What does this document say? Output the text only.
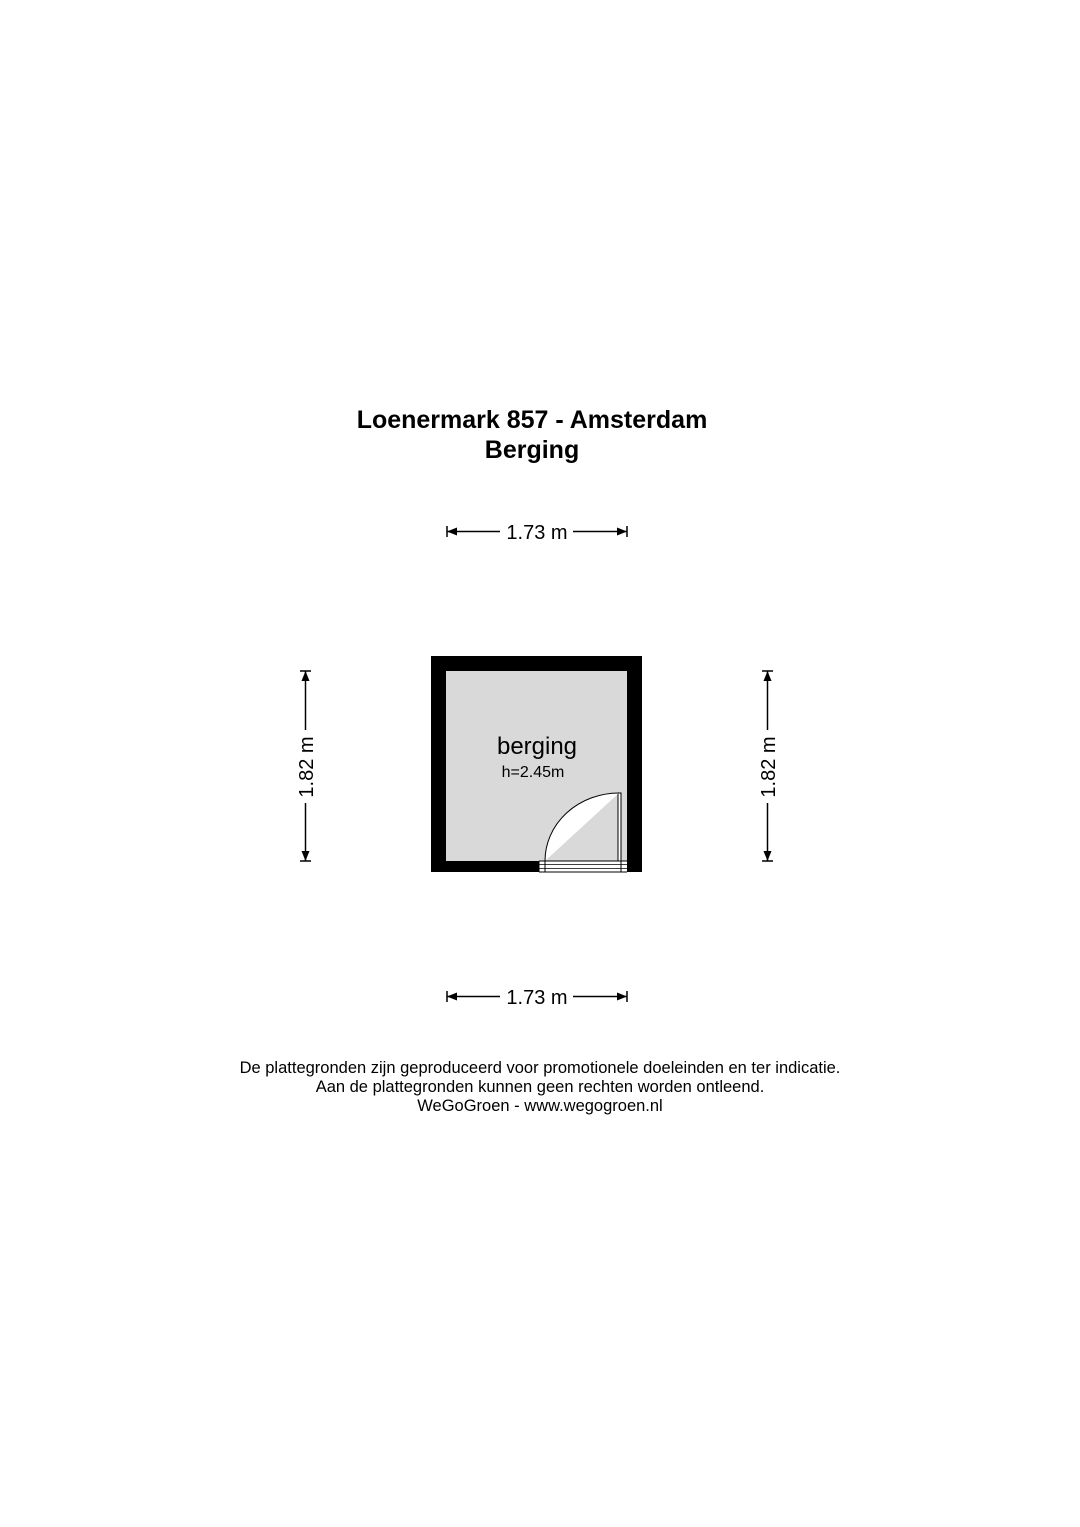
Loenermark 857 - Amsterdam
Berging
1.73 m
1.73 m
1.82 m	1.82 m
berging
h=2.45m
De plattegronden zijn geproduceerd voor promotionele doeleinden en ter indicatie.
Aan de plattegronden kunnen geen rechten worden ontleend.
WeGoGroen - www.wegogroen.nl
